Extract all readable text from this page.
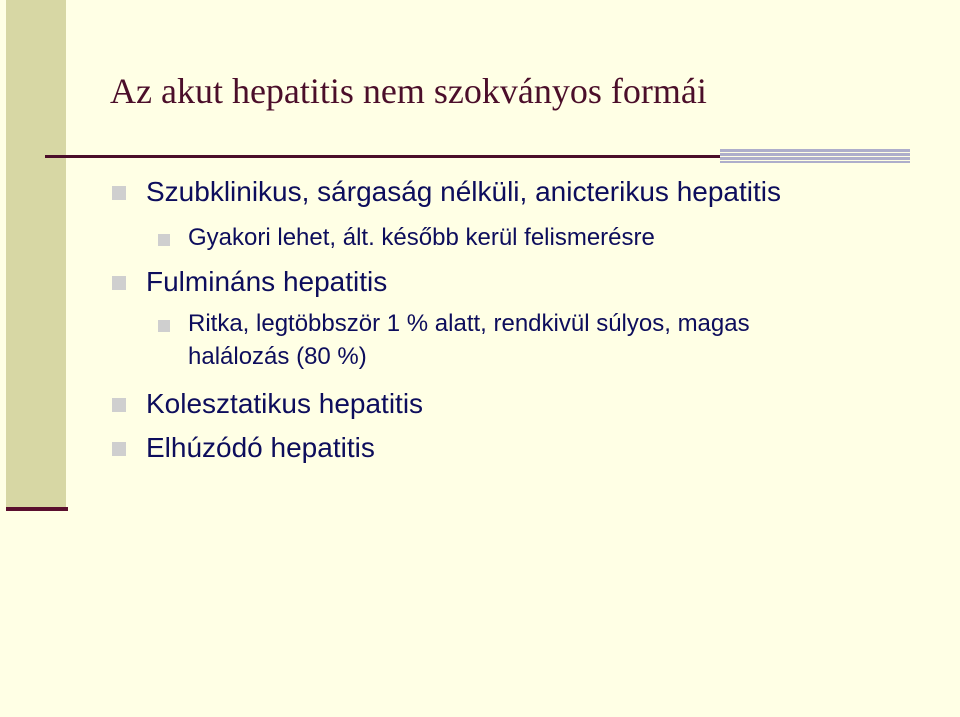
Az akut hepatitis nem szokványos formái
Szubklinikus, sárgaság nélküli, anicterikus hepatitis
Gyakori lehet, ált. később kerül felismerésre
Fulmináns hepatitis
Ritka, legtöbbször 1 % alatt, rendkivül súlyos, magas
halálozás (80 %)
Kolesztatikus hepatitis
Elhúzódó hepatitis
